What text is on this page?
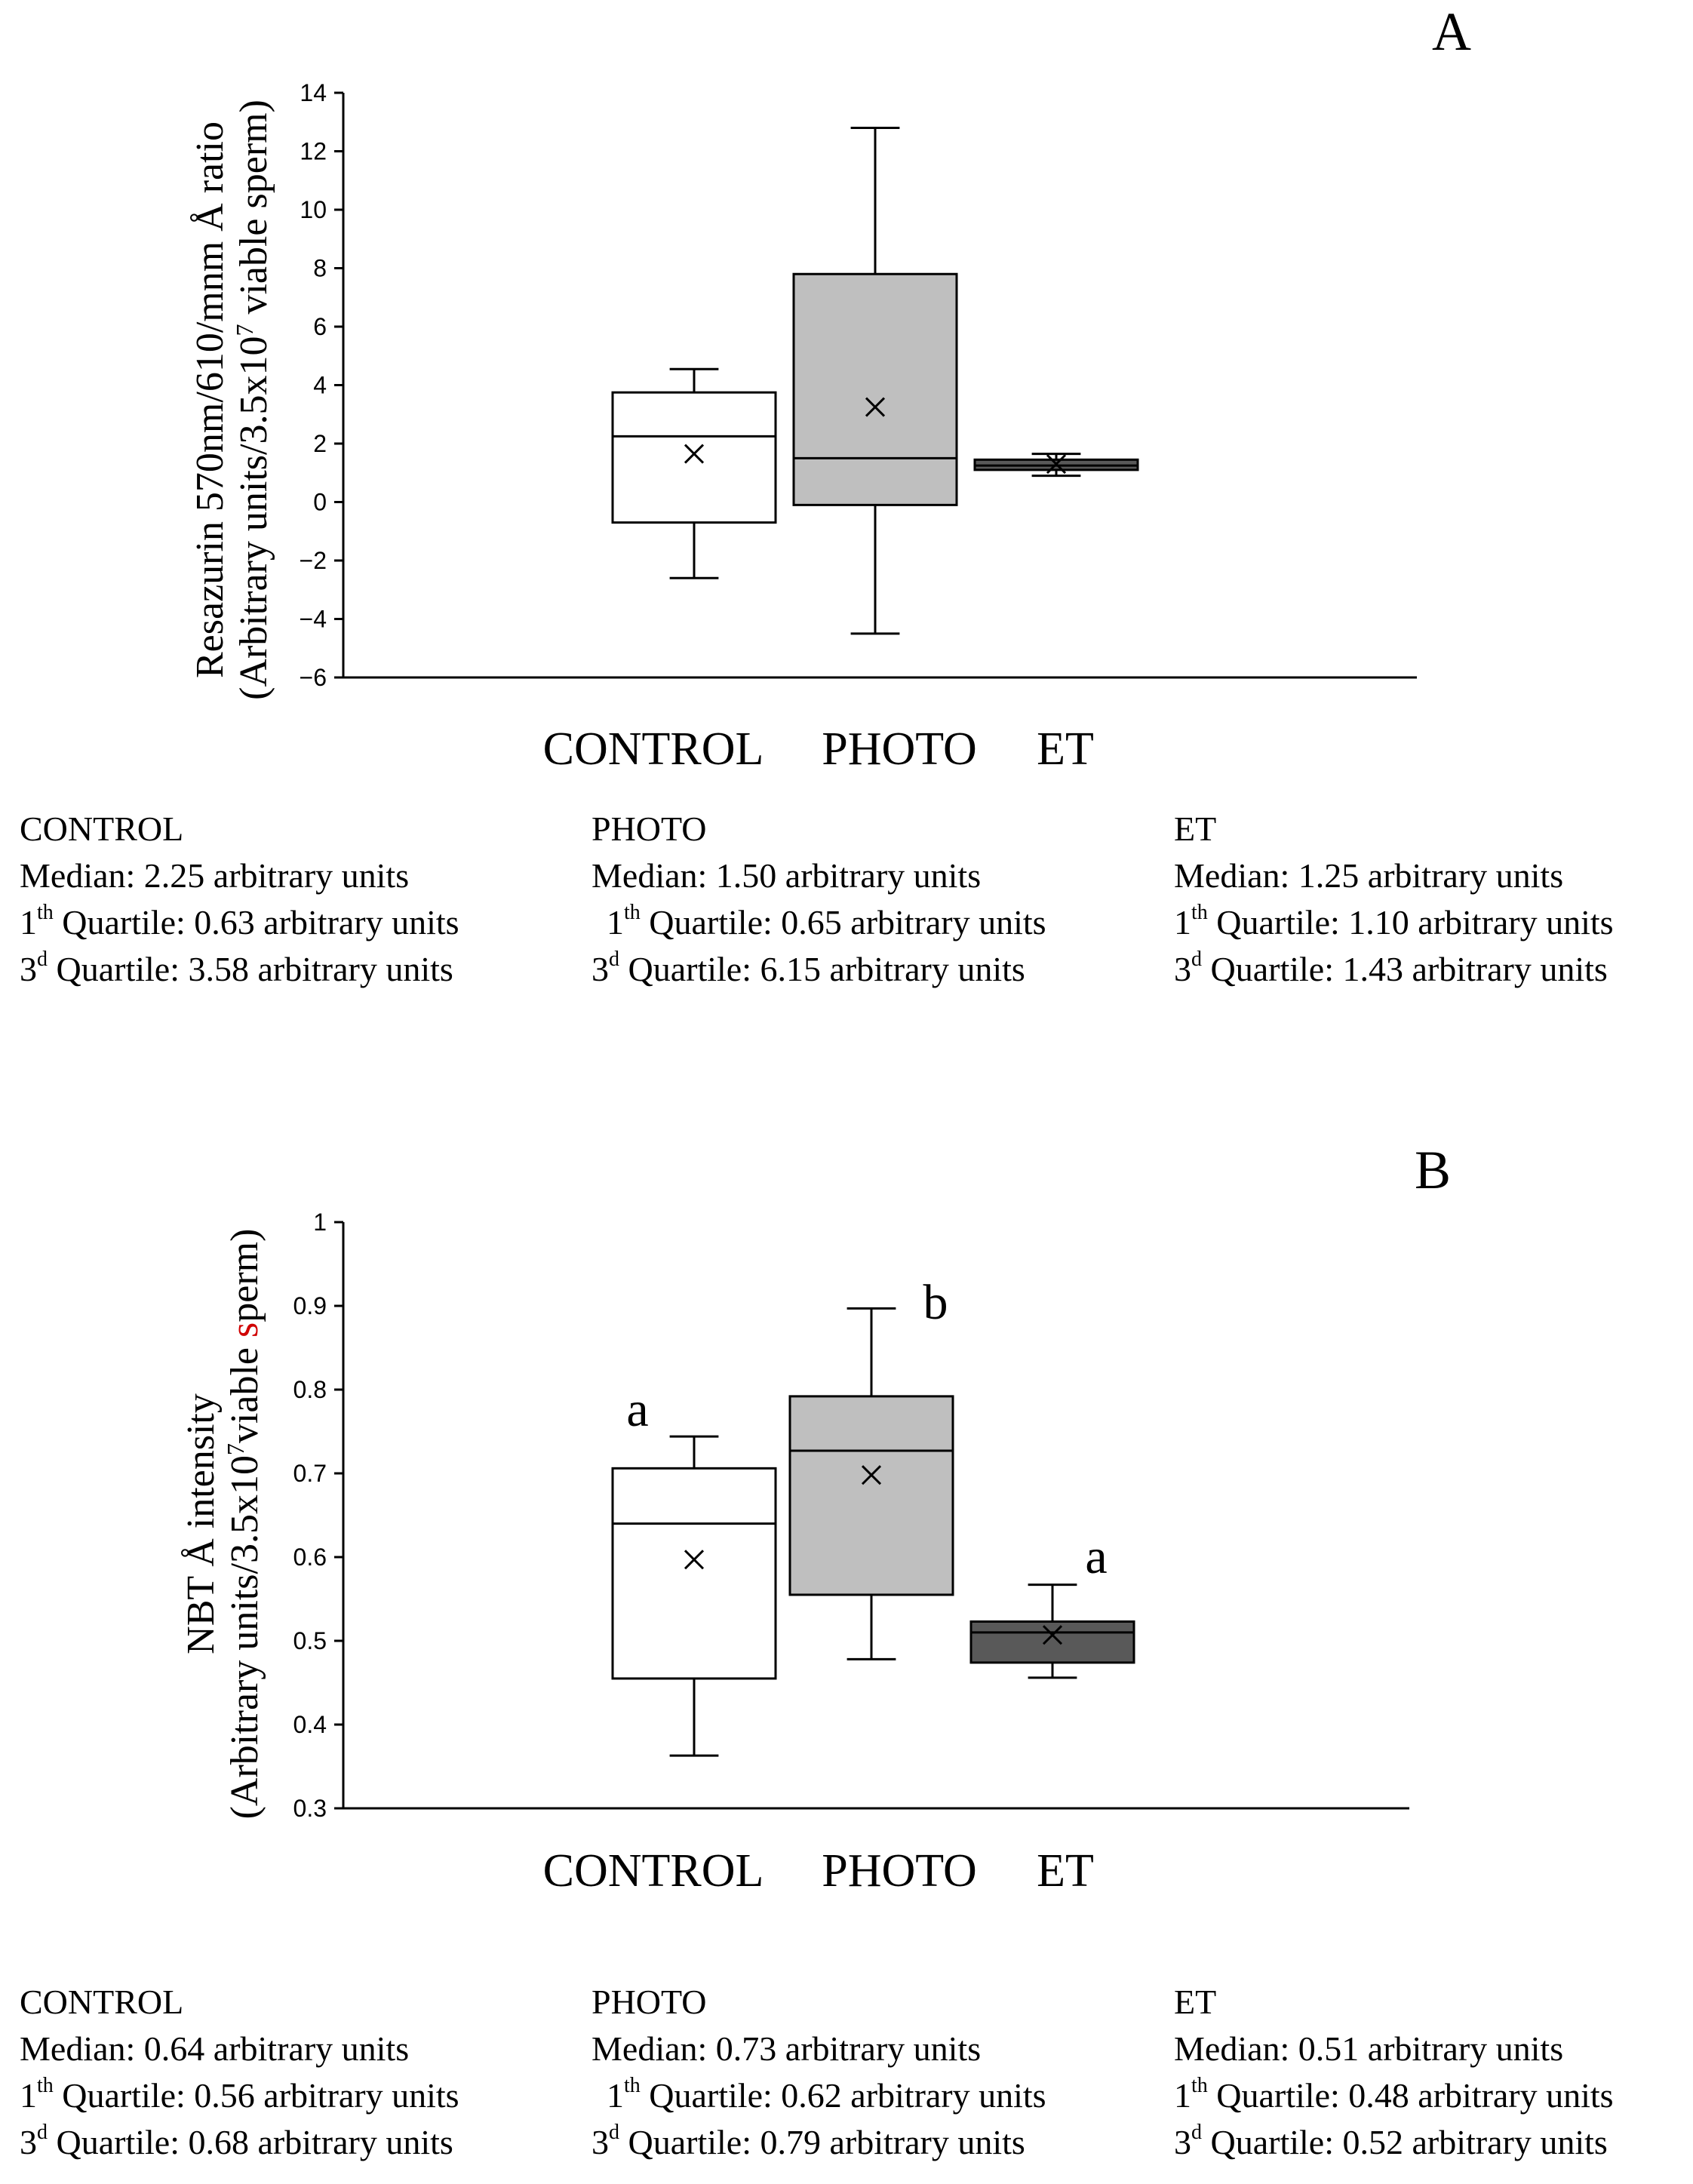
A
Resazurin 570nm/610/mnm Å ratio (Arbitrary units/$3.5x10^7$ viable sperm)
14
12
10
8
6
4
2
0
−2
−4
−6
CONTROL PHOTO ET
B
NBT Å intensity (Arbitrary units/$3.5x10^7viable$ sperm)
1
0.9
0.8
0.7
0.6
0.5
0.4
0.3
CONTROL PHOTO ET
a
b
a
CONTROL
Median: 2.25 arbitrary units
1th Quartile: 0.63 arbitrary units
3$^d$ Quartile: 3.58 arbitrary units
PHOTO
Median: 1.50 arbitrary units
1th Quartile: 0.65 arbitrary units
3$^d$ Quartile: 6.15 arbitrary units
ET
Median: 1.25 arbitrary units
1th Quartile: 1.10 arbitrary units
3$^d$ Quartile: 1.43 arbitrary units
CONTROL
Median: 0.64 arbitrary units
1th Quartile: 0.56 arbitrary units
3$^d$ Quartile: 0.68 arbitrary units
PHOTO
Median: 0.73 arbitrary units
1th Quartile: 0.62 arbitrary units
3$^d$ Quartile: 0.79 arbitrary units
ET
Median: 0.51 arbitrary units
1th Quartile: 0.48 arbitrary units
3$^d$ Quartile: 0.52 arbitrary units
